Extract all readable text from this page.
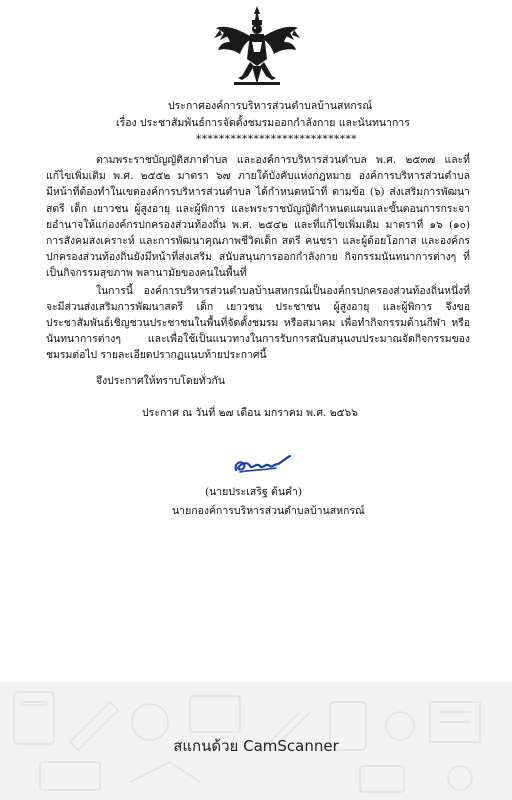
ประกาศองค์การบริหารส่วนตำบลบ้านสหกรณ์
เรื่อง ประชาสัมพันธ์การจัดตั้งชมรมออกกำลังกาย และนันทนาการ
****************************

ตามพระราชบัญญัติสภาตำบล และองค์การบริหารส่วนตำบล พ.ศ. ๒๕๓๗ และที่แก้ไขเพิ่มเติม พ.ศ. ๒๕๕๒ มาตรา ๖๗ ภายใต้บังคับแห่งกฎหมาย องค์การบริหารส่วนตำบล มีหน้าที่ต้องทำในเขตองค์การบริหารส่วนตำบล ได้กำหนดหน้าที่ ตามข้อ (๖) ส่งเสริมการพัฒนาสตรี เด็ก เยาวชน ผู้สูงอายุ และผู้พิการ และพระราชบัญญัติกำหนดแผนและขั้นตอนการกระจายอำนาจให้แก่องค์กรปกครองส่วนท้องถิ่น พ.ศ. ๒๕๔๒ และที่แก้ไขเพิ่มเติม มาตราที่ ๑๖ (๑๐) การสังคมสงเคราะห์ และการพัฒนาคุณภาพชีวิตเด็ก สตรี คนชรา และผู้ด้อยโอกาส และองค์กรปกครองส่วนท้องถิ่นยังมีหน้าที่ส่งเสริม สนับสนุนการออกกำลังกาย กิจกรรมนันทนาการต่างๆ ที่เป็นกิจกรรมสุขภาพ พลานามัยของคนในพื้นที่

ในการนี้ องค์การบริหารส่วนตำบลบ้านสหกรณ์เป็นองค์กรปกครองส่วนท้องถิ่นหนึ่งที่จะมีส่วนส่งเสริมการพัฒนาสตรี เด็ก เยาวชน ประชาชน ผู้สูงอายุ และผู้พิการ จึงขอประชาสัมพันธ์เชิญชวนประชาชนในพื้นที่จัดตั้งชมรม หรือสมาคม เพื่อทำกิจกรรมด้านกีฬา หรือนันทนาการต่างๆ และเพื่อใช้เป็นแนวทางในการรับการสนับสนุนงบประมาณจัดกิจกรรมของชมรมต่อไป รายละเอียดปรากฏแนบท้ายประกาศนี้

จึงประกาศให้ทราบโดยทั่วกัน

ประกาศ ณ วันที่ ๒๗ เดือน มกราคม พ.ศ. ๒๕๖๖
(นายประเสริฐ ต้นคำ)
นายกองค์การบริหารส่วนตำบลบ้านสหกรณ์
สแกนด้วย CamScanner
